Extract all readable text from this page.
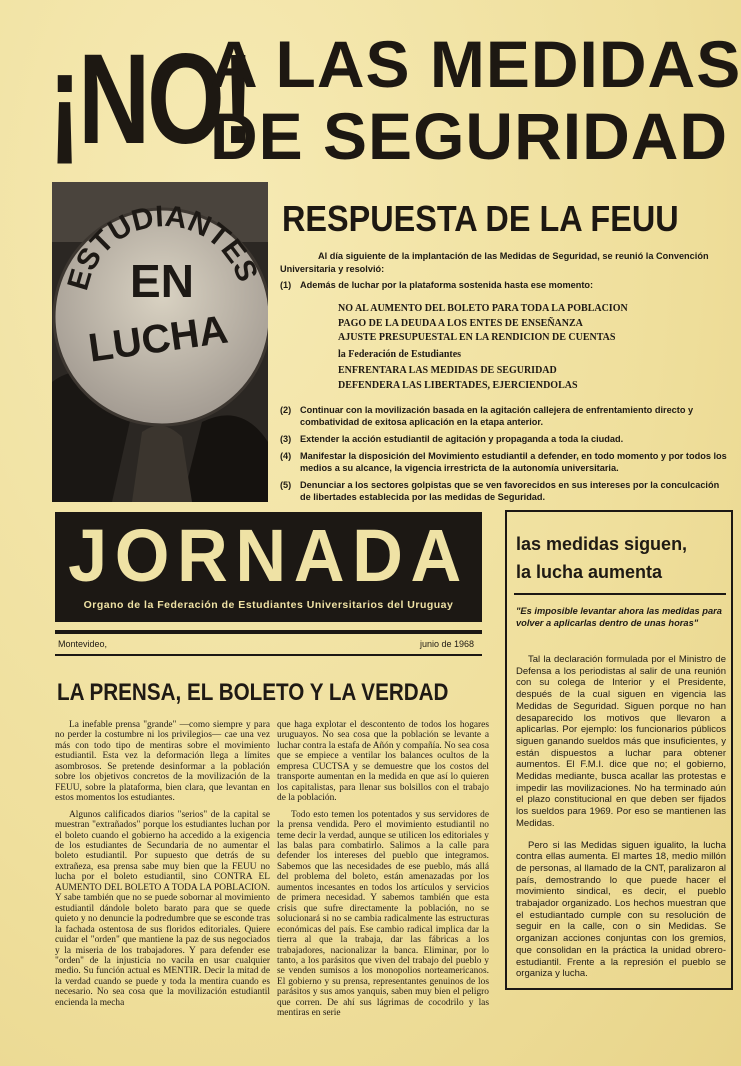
¡NO!
A LAS MEDIDAS
DE SEGURIDAD
EN
LUCHA
ESTUDIANTES
RESPUESTA DE LA FEUU
Al día siguiente de la implantación de las Medidas de Seguridad, se reunió la Convención Universitaria y resolvió:
(1) Además de luchar por la plataforma sostenida hasta ese momento:
NO AL AUMENTO DEL BOLETO PARA TODA LA POBLACION
PAGO DE LA DEUDA A LOS ENTES DE ENSEÑANZA
AJUSTE PRESUPUESTAL EN LA RENDICION DE CUENTAS
la Federación de Estudiantes
ENFRENTARA LAS MEDIDAS DE SEGURIDAD
DEFENDERA LAS LIBERTADES, EJERCIENDOLAS
(2) Continuar con la movilización basada en la agitación callejera de enfrentamiento directo y combatividad de exitosa aplicación en la etapa anterior.
(3) Extender la acción estudiantil de agitación y propaganda a toda la ciudad.
(4) Manifestar la disposición del Movimiento estudiantil a defender, en todo momento y por todos los medios a su alcance, la vigencia irrestricta de la autonomía universitaria.
(5) Denunciar a los sectores golpistas que se ven favorecidos en sus intereses por la conculcación de libertades establecida por las medidas de Seguridad.
JORNADA
Organo de la Federación de Estudiantes Universitarios del Uruguay
Montevideo,	junio de 1968
LA PRENSA, EL BOLETO Y LA VERDAD

La inefable prensa "grande" —como siempre y para no perder la costumbre ni los privilegios— cae una vez más con todo tipo de mentiras sobre el movimiento estudiantil. Esta vez la deformación llega a límites asombrosos. Se pretende desinformar a la población sobre los objetivos concretos de la movilización de la FEUU, sobre la plataforma, bien clara, que levantan en estos momentos los estudiantes.

Algunos calificados diarios "serios" de la capital se muestran "extrañados" porque los estudiantes luchan por el boleto cuando el gobierno ha accedido a la exigencia de los estudiantes de Secundaria de no aumentar el boleto estudiantil. Por supuesto que detrás de su extrañeza, esa prensa sabe muy bien que la FEUU no lucha por el boleto estudiantil, sino CONTRA EL AUMENTO DEL BOLETO A TODA LA POBLACION. Y sabe también que no se puede sobornar al movimiento estudiantil dándole boleto barato para que se quede quieto y no denuncie la podredumbre que se esconde tras la fachada ostentosa de sus floridos editoriales. Quiere cuidar el "orden" que mantiene la paz de sus negociados y la miseria de los trabajadores. Y para defender ese "orden" de la injusticia no vacila en usar cualquier medio. Su función actual es MENTIR. Decir la mitad de la verdad cuando se puede y toda la mentira cuando es necesario. No sea cosa que la movilización estudiantil encienda la mecha

que haga explotar el descontento de todos los hogares uruguayos. No sea cosa que la población se levante a luchar contra la estafa de Añón y compañía. No sea cosa que se empiece a ventilar los balances ocultos de la empresa CUCTSA y se demuestre que los costos del transporte aumentan en la medida en que así lo quieren los capitalistas, para llenar sus bolsillos con el trabajo de la población.

Todo esto temen los potentados y sus servidores de la prensa vendida. Pero el movimiento estudiantil no teme decir la verdad, aunque se utilicen los editoriales y las balas para combatirlo. Salimos a la calle para defender los intereses del pueblo que integramos. Sabemos que las necesidades de ese pueblo, más allá del problema del boleto, están amenazadas por los aumentos incesantes en todos los artículos y servicios de primera necesidad. Y sabemos también que esta crisis que sufre directamente la población, no se solucionará si no se cambia radicalmente las estructuras económicas del país. Ese cambio radical implica dar la tierra al que la trabaja, dar las fábricas a los trabajadores, nacionalizar la banca. Eliminar, por lo tanto, a los parásitos que viven del trabajo del pueblo y se venden sumisos a los monopolios norteamericanos. El gobierno y su prensa, representantes genuinos de los parásitos y sus amos yanquis, saben muy bien el peligro que corren. De ahí sus lágrimas de cocodrilo y las mentiras en serie

las medidas siguen,
la lucha aumenta
"Es imposible levantar ahora las medidas para volver a aplicarlas dentro de unas horas"

Tal la declaración formulada por el Ministro de Defensa a los periodistas al salir de una reunión con su colega de Interior y el Presidente, después de la cual siguen en vigencia las Medidas de Seguridad. Siguen porque no han desaparecido los motivos que llevaron a aplicarlas. Por ejemplo: los funcionarios públicos siguen ganando sueldos más que insuficientes, y están dispuestos a luchar para obtener aumentos. El F.M.I. dice que no; el gobierno, Medidas mediante, busca acallar las protestas e impedir las movilizaciones. No ha terminado aún el plazo constitucional en que deben ser fijados los sueldos para 1969. Por eso se mantienen las Medidas.

Pero si las Medidas siguen igualito, la lucha contra ellas aumenta. El martes 18, medio millón de personas, al llamado de la CNT, paralizaron al país, demostrando lo que puede hacer el movimiento sindical, es decir, el pueblo trabajador organizado. Los hechos muestran que el estudiantado cumple con su resolución de seguir en la calle, con o sin Medidas. Se organizan acciones conjuntas con los gremios, que consolidan en la práctica la unidad obrero-estudiantil. Frente a la represión el pueblo se organiza y lucha.
